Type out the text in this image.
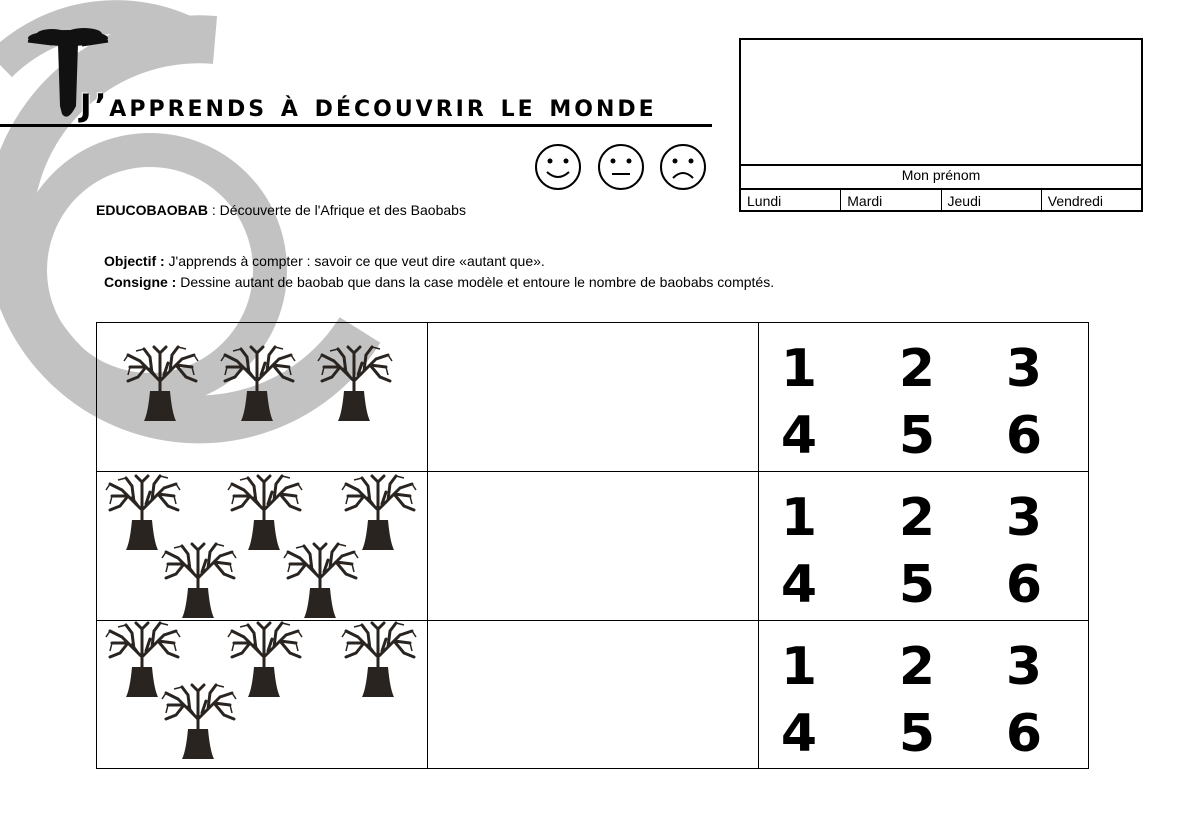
J’apprends à découvrir le monde
EDUCOBAOBAB : Découverte de l'Afrique et des Baobabs
Objectif : J'apprends à compter : savoir ce que veut dire «autant que».
Consigne : Dessine autant de baobab que dans la case modèle et entoure le nombre de baobabs comptés.
Mon prénom
Lundi	Mardi	Jeudi	Vendredi
1 2 3
4 5 6
1 2 3
4 5 6
1 2 3
4 5 6
